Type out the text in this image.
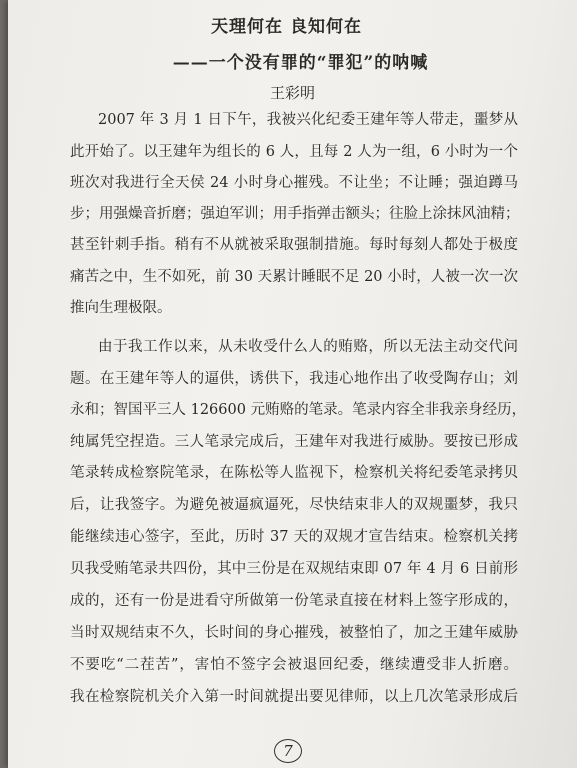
天理何在 良知何在
——一个没有罪的“罪犯”的呐喊
王彩明
2007 年 3 月 1 日下午，我被兴化纪委王建年等人带走，噩梦从
此开始了。以王建年为组长的 6 人，且每 2 人为一组，6 小时为一个
班次对我进行全天侯 24 小时身心摧残。不让坐；不让睡；强迫蹲马
步；用强燥音折磨；强迫军训；用手指弹击额头；往脸上涂抹风油精；
甚至针刺手指。稍有不从就被采取强制措施。每时每刻人都处于极度
痛苦之中，生不如死，前 30 天累计睡眠不足 20 小时，人被一次一次
推向生理极限。
由于我工作以来，从未收受什么人的贿赂，所以无法主动交代问
题。在王建年等人的逼供，诱供下，我违心地作出了收受陶存山；刘
永和；智国平三人 126600 元贿赂的笔录。笔录内容全非我亲身经历，
纯属凭空捏造。三人笔录完成后，王建年对我进行威胁。要按已形成
笔录转成检察院笔录，在陈松等人监视下，检察机关将纪委笔录拷贝
后，让我签字。为避免被逼疯逼死，尽快结束非人的双规噩梦，我只
能继续违心签字，至此，历时 37 天的双规才宣告结束。检察机关拷
贝我受贿笔录共四份，其中三份是在双规结束即 07 年 4 月 6 日前形
成的，还有一份是进看守所做第一份笔录直接在材料上签字形成的，
当时双规结束不久，长时间的身心摧残，被整怕了，加之王建年威胁
不要吃“二茬苦”，害怕不签字会被退回纪委，继续遭受非人折磨。
我在检察院机关介入第一时间就提出要见律师，以上几次笔录形成后
7
